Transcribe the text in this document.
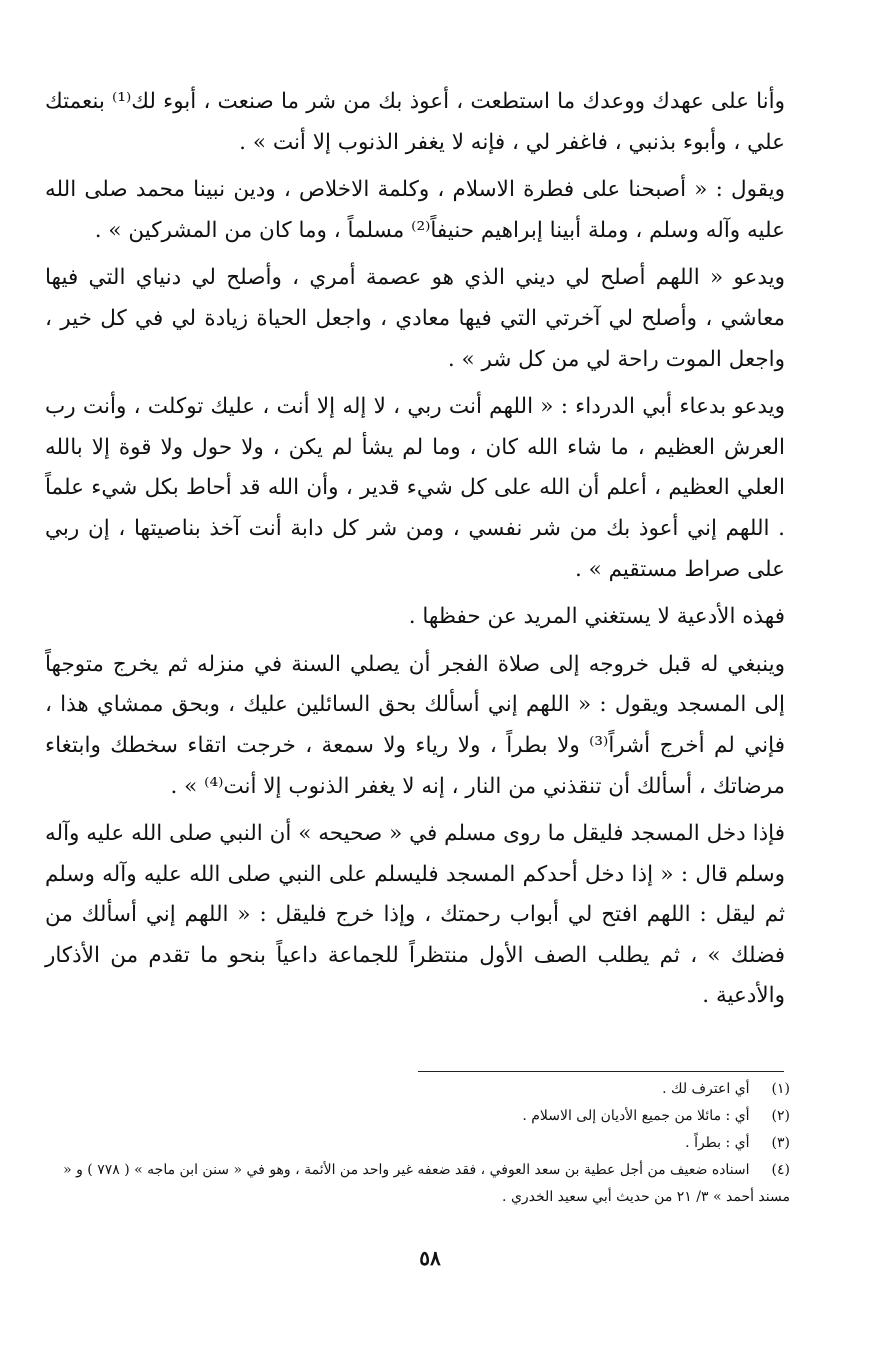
وأنا على عهدك ووعدك ما استطعت ، أعوذ بك من شر ما صنعت ، أبوء لك⁽¹⁾ بنعمتك علي ، وأبوء بذنبي ، فاغفر لي ، فإنه لا يغفر الذنوب إلا أنت » .

ويقول : « أصبحنا على فطرة الاسلام ، وكلمة الاخلاص ، ودين نبينا محمد صلى الله عليه وآله وسلم ، وملة أبينا إبراهيم حنيفاً⁽²⁾ مسلماً ، وما كان من المشركين » .

ويدعو « اللهم أصلح لي ديني الذي هو عصمة أمري ، وأصلح لي دنياي التي فيها معاشي ، وأصلح لي آخرتي التي فيها معادي ، واجعل الحياة زيادة لي في كل خير ، واجعل الموت راحة لي من كل شر » .

ويدعو بدعاء أبي الدرداء : « اللهم أنت ربي ، لا إله إلا أنت ، عليك توكلت ، وأنت رب العرش العظيم ، ما شاء الله كان ، وما لم يشأ لم يكن ، ولا حول ولا قوة إلا بالله العلي العظيم ، أعلم أن الله على كل شيء قدير ، وأن الله قد أحاط بكل شيء علماً . اللهم إني أعوذ بك من شر نفسي ، ومن شر كل دابة أنت آخذ بناصيتها ، إن ربي على صراط مستقيم » .

فهذه الأدعية لا يستغني المريد عن حفظها .

وينبغي له قبل خروجه إلى صلاة الفجر أن يصلي السنة في منزله ثم يخرج متوجهاً إلى المسجد ويقول : « اللهم إني أسألك بحق السائلين عليك ، وبحق ممشاي هذا ، فإني لم أخرج أشراً⁽³⁾ ولا بطراً ، ولا رياء ولا سمعة ، خرجت اتقاء سخطك وابتغاء مرضاتك ، أسألك أن تنقذني من النار ، إنه لا يغفر الذنوب إلا أنت⁽⁴⁾ » .

فإذا دخل المسجد فليقل ما روى مسلم في « صحيحه » أن النبي صلى الله عليه وآله وسلم قال : « إذا دخل أحدكم المسجد فليسلم على النبي صلى الله عليه وآله وسلم ثم ليقل : اللهم افتح لي أبواب رحمتك ، وإذا خرج فليقل : « اللهم إني أسألك من فضلك » ، ثم يطلب الصف الأول منتظراً للجماعة داعياً بنحو ما تقدم من الأذكار والأدعية .

(١) أي اعترف لك .

(٢) أي : مائلا من جميع الأديان إلى الاسلام .

(٣) أي : بطراً .

(٤) اسناده ضعيف من أجل عطية بن سعد العوفي ، فقد ضعفه غير واحد من الأئمة ، وهو في « سنن ابن ماجه » ( ٧٧٨ ) و « مسند أحمد » ٣/ ٢١ من حديث أبي سعيد الخدري .

٥٨
